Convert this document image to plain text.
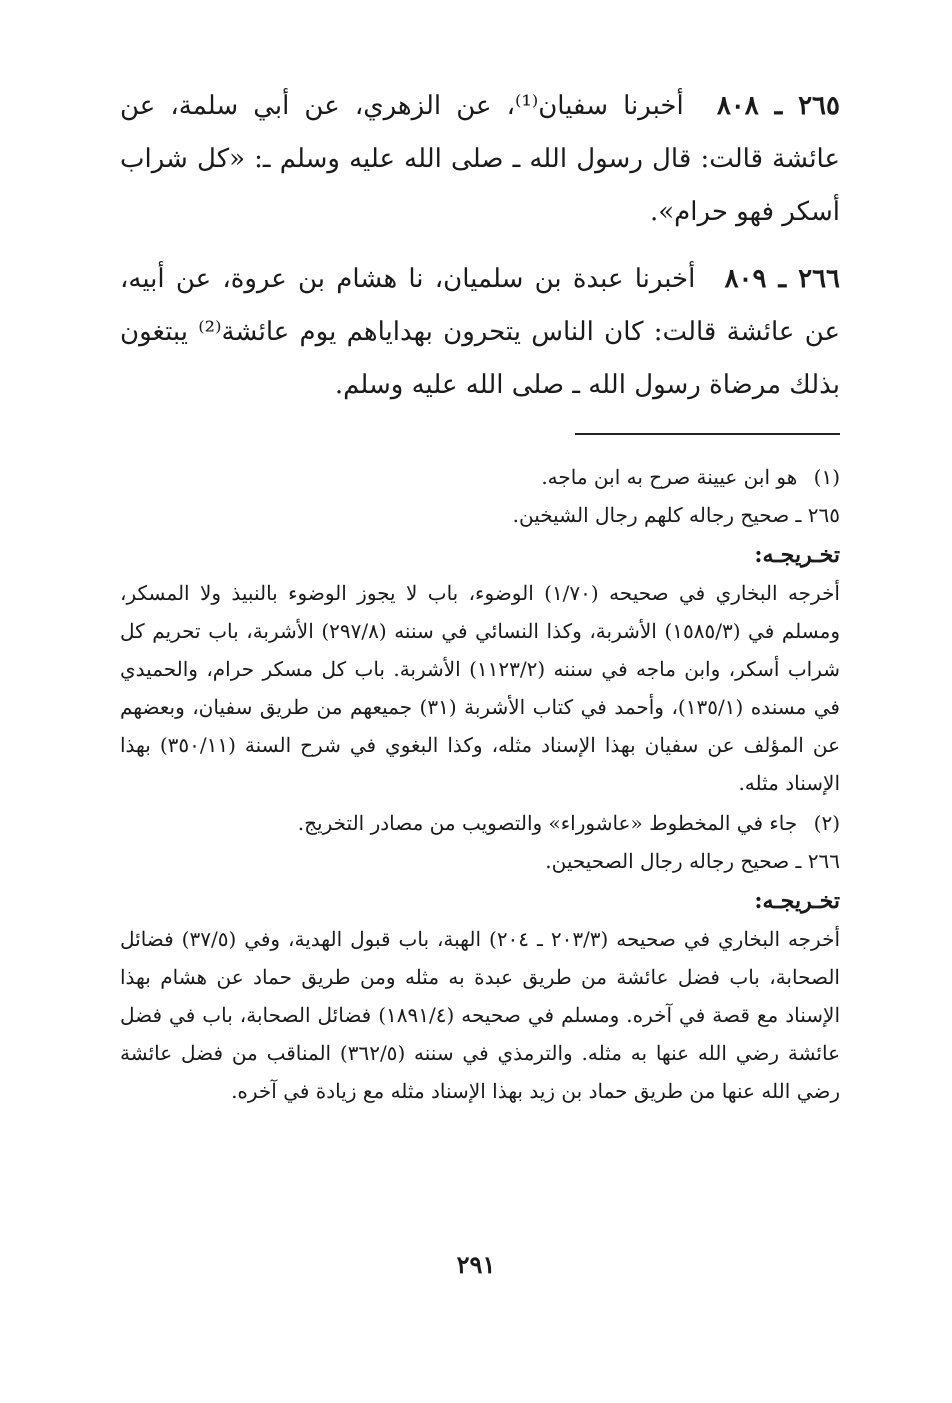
٢٦٥ ـ ٨٠٨ أخبرنا سفيان⁽¹⁾، عن الزهري، عن أبي سلمة، عن عائشة قالت: قال رسول الله ـ صلى الله عليه وسلم ـ: «كل شراب أسكر فهو حرام».

٢٦٦ ـ ٨٠٩ أخبرنا عبدة بن سلميان، نا هشام بن عروة، عن أبيه، عن عائشة قالت: كان الناس يتحرون بهداياهم يوم عائشة⁽²⁾ يبتغون بذلك مرضاة رسول الله ـ صلى الله عليه وسلم.

(١) هو ابن عيينة صرح به ابن ماجه.

٢٦٥ ـ صحيح رجاله كلهم رجال الشيخين.

تخـريجـه:

أخرجه البخاري في صحيحه (١/٧٠) الوضوء، باب لا يجوز الوضوء بالنبيذ ولا المسكر، ومسلم في (١٥٨٥/٣) الأشربة، وكذا النسائي في سننه (٢٩٧/٨) الأشربة، باب تحريم كل شراب أسكر، وابن ماجه في سننه (١١٢٣/٢) الأشربة. باب كل مسكر حرام، والحميدي في مسنده (١٣٥/١)، وأحمد في كتاب الأشربة (٣١) جميعهم من طريق سفيان، وبعضهم عن المؤلف عن سفيان بهذا الإسناد مثله، وكذا البغوي في شرح السنة (٣٥٠/١١) بهذا الإسناد مثله.

(٢) جاء في المخطوط «عاشوراء» والتصويب من مصادر التخريج.

٢٦٦ ـ صحيح رجاله رجال الصحيحين.

تخـريجـه:

أخرجه البخاري في صحيحه (٢٠٣/٣ ـ ٢٠٤) الهبة، باب قبول الهدية، وفي (٣٧/٥) فضائل الصحابة، باب فضل عائشة من طريق عبدة به مثله ومن طريق حماد عن هشام بهذا الإسناد مع قصة في آخره. ومسلم في صحيحه (١٨٩١/٤) فضائل الصحابة، باب في فضل عائشة رضي الله عنها به مثله. والترمذي في سننه (٣٦٢/٥) المناقب من فضل عائشة رضي الله عنها من طريق حماد بن زيد بهذا الإسناد مثله مع زيادة في آخره.

٢٩١
